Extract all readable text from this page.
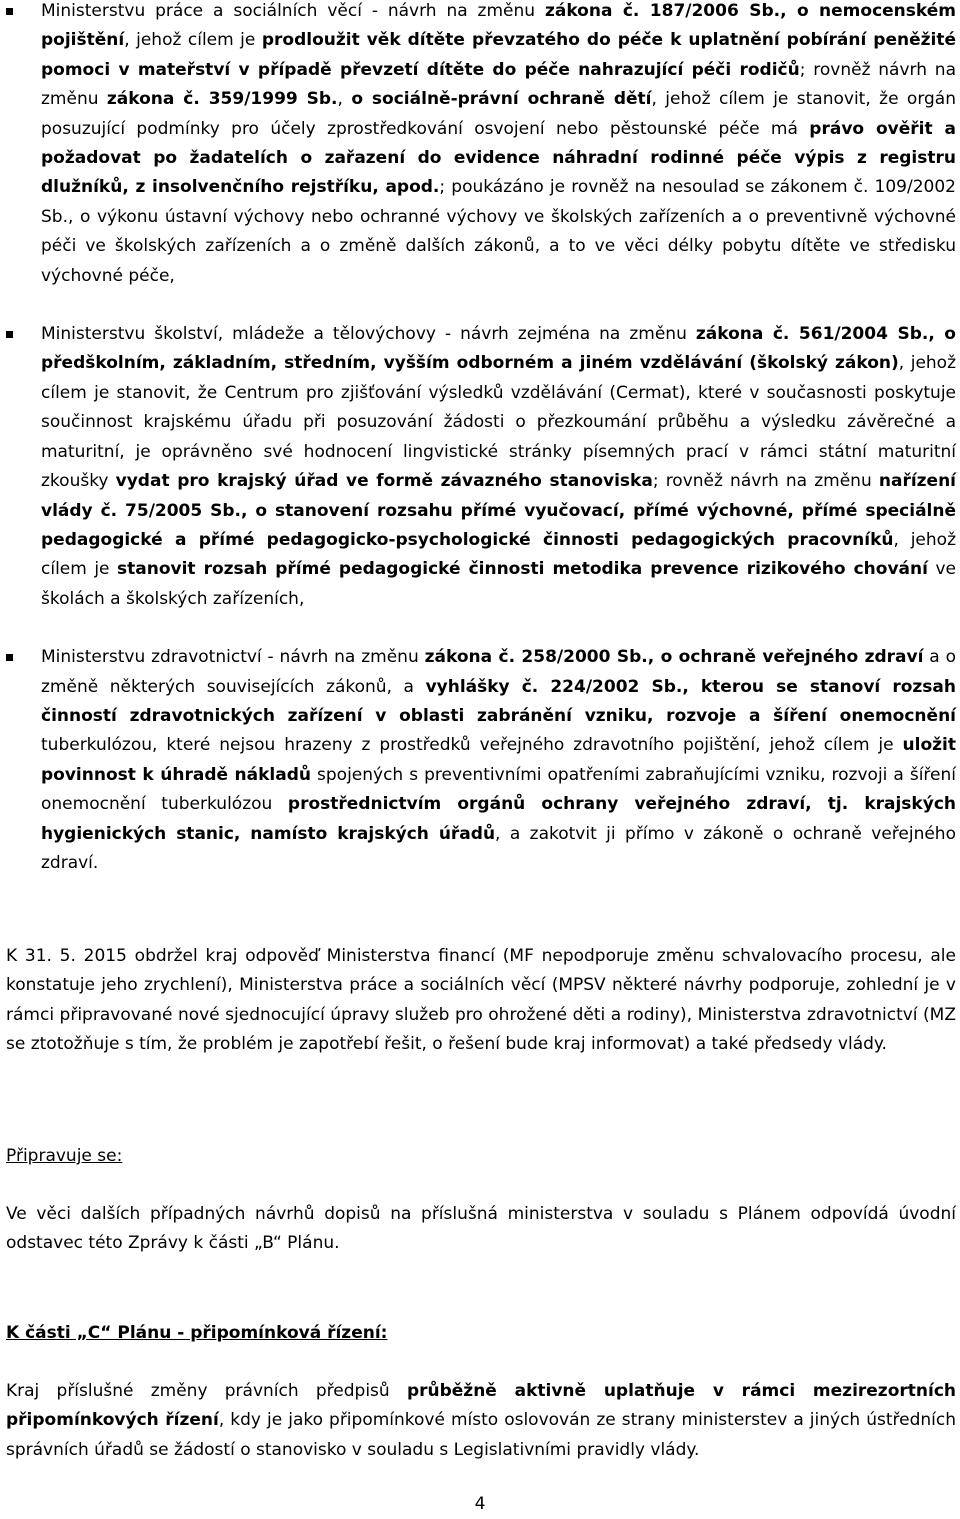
Ministerstvu práce a sociálních věcí - návrh na změnu zákona č. 187/2006 Sb., o nemocenském pojištění, jehož cílem je prodloužit věk dítěte převzatého do péče k uplatnění pobírání peněžité pomoci v mateřství v případě převzetí dítěte do péče nahrazující péči rodičů; rovněž návrh na změnu zákona č. 359/1999 Sb., o sociálně-právní ochraně dětí, jehož cílem je stanovit, že orgán posuzující podmínky pro účely zprostředkování osvojení nebo pěstounské péče má právo ověřit a požadovat po žadatelích o zařazení do evidence náhradní rodinné péče výpis z registru dlužníků, z insolvenčního rejstříku, apod.; poukázáno je rovněž na nesoulad se zákonem č. 109/2002 Sb., o výkonu ústavní výchovy nebo ochranné výchovy ve školských zařízeních a o preventivně výchovné péči ve školských zařízeních a o změně dalších zákonů, a to ve věci délky pobytu dítěte ve středisku výchovné péče,
Ministerstvu školství, mládeže a tělovýchovy - návrh zejména na změnu zákona č. 561/2004 Sb., o předškolním, základním, středním, vyšším odborném a jiném vzdělávání (školský zákon), jehož cílem je stanovit, že Centrum pro zjišťování výsledků vzdělávání (Cermat), které v současnosti poskytuje součinnost krajskému úřadu při posuzování žádosti o přezkoumání průběhu a výsledku závěrečné a maturitní, je oprávněno své hodnocení lingvistické stránky písemných prací v rámci státní maturitní zkoušky vydat pro krajský úřad ve formě závazného stanoviska; rovněž návrh na změnu nařízení vlády č. 75/2005 Sb., o stanovení rozsahu přímé vyučovací, přímé výchovné, přímé speciálně pedagogické a přímé pedagogicko-psychologické činnosti pedagogických pracovníků, jehož cílem je stanovit rozsah přímé pedagogické činnosti metodika prevence rizikového chování ve školách a školských zařízeních,
Ministerstvu zdravotnictví - návrh na změnu zákona č. 258/2000 Sb., o ochraně veřejného zdraví a o změně některých souvisejících zákonů, a vyhlášky č. 224/2002 Sb., kterou se stanoví rozsah činností zdravotnických zařízení v oblasti zabránění vzniku, rozvoje a šíření onemocnění tuberkulózou, které nejsou hrazeny z prostředků veřejného zdravotního pojištění, jehož cílem je uložit povinnost k úhradě nákladů spojených s preventivními opatřeními zabraňujícími vzniku, rozvoji a šíření onemocnění tuberkulózou prostřednictvím orgánů ochrany veřejného zdraví, tj. krajských hygienických stanic, namísto krajských úřadů, a zakotvit ji přímo v zákoně o ochraně veřejného zdraví.

K 31. 5. 2015 obdržel kraj odpověď Ministerstva financí (MF nepodporuje změnu schvalovacího procesu, ale konstatuje jeho zrychlení), Ministerstva práce a sociálních věcí (MPSV některé návrhy podporuje, zohlední je v rámci připravované nové sjednocující úpravy služeb pro ohrožené děti a rodiny), Ministerstva zdravotnictví (MZ se ztotožňuje s tím, že problém je zapotřebí řešit, o řešení bude kraj informovat) a také předsedy vlády.

Připravuje se:

Ve věci dalších případných návrhů dopisů na příslušná ministerstva v souladu s Plánem odpovídá úvodní odstavec této Zprávy k části „B“ Plánu.

K části „C“ Plánu - připomínková řízení:

Kraj příslušné změny právních předpisů průběžně aktivně uplatňuje v rámci mezirezortních připomínkových řízení, kdy je jako připomínkové místo oslovován ze strany ministerstev a jiných ústředních správních úřadů se žádostí o stanovisko v souladu s Legislativními pravidly vlády.

4
